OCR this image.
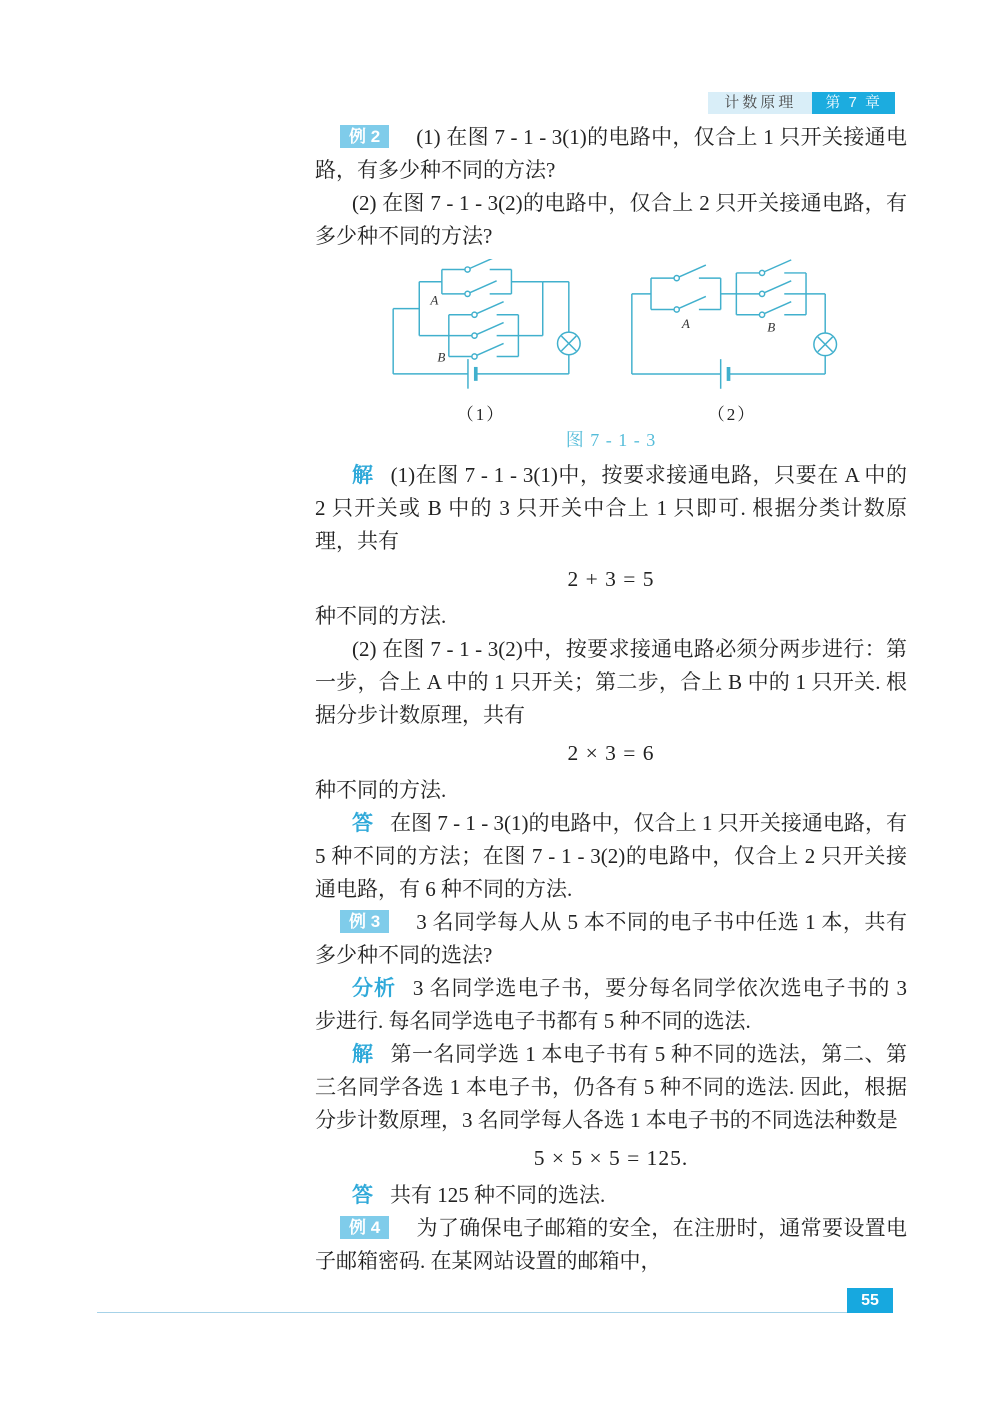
计数原理	第 7 章

例 2 (1) 在图 7 - 1 - 3(1)的电路中，仅合上 1 只开关接通电路，有多少种不同的方法?

(2) 在图 7 - 1 - 3(2)的电路中，仅合上 2 只开关接通电路，有多少种不同的方法?

A
B
（1）
A	B
（2）
图 7 - 1 - 3

解 (1)在图 7 - 1 - 3(1)中，按要求接通电路，只要在 A 中的 2 只开关或 B 中的 3 只开关中合上 1 只即可. 根据分类计数原理，共有

2 + 3 = 5

种不同的方法.

(2) 在图 7 - 1 - 3(2)中，按要求接通电路必须分两步进行：第一步，合上 A 中的 1 只开关；第二步，合上 B 中的 1 只开关. 根据分步计数原理，共有

2 × 3 = 6

种不同的方法.

答 在图 7 - 1 - 3(1)的电路中，仅合上 1 只开关接通电路，有 5 种不同的方法；在图 7 - 1 - 3(2)的电路中，仅合上 2 只开关接通电路，有 6 种不同的方法.

例 3 3 名同学每人从 5 本不同的电子书中任选 1 本，共有多少种不同的选法?

分析 3 名同学选电子书，要分每名同学依次选电子书的 3 步进行. 每名同学选电子书都有 5 种不同的选法.

解 第一名同学选 1 本电子书有 5 种不同的选法，第二、第三名同学各选 1 本电子书，仍各有 5 种不同的选法. 因此，根据分步计数原理，3 名同学每人各选 1 本电子书的不同选法种数是

5 × 5 × 5 = 125.

答 共有 125 种不同的选法.

例 4 为了确保电子邮箱的安全，在注册时，通常要设置电子邮箱密码. 在某网站设置的邮箱中，

55
